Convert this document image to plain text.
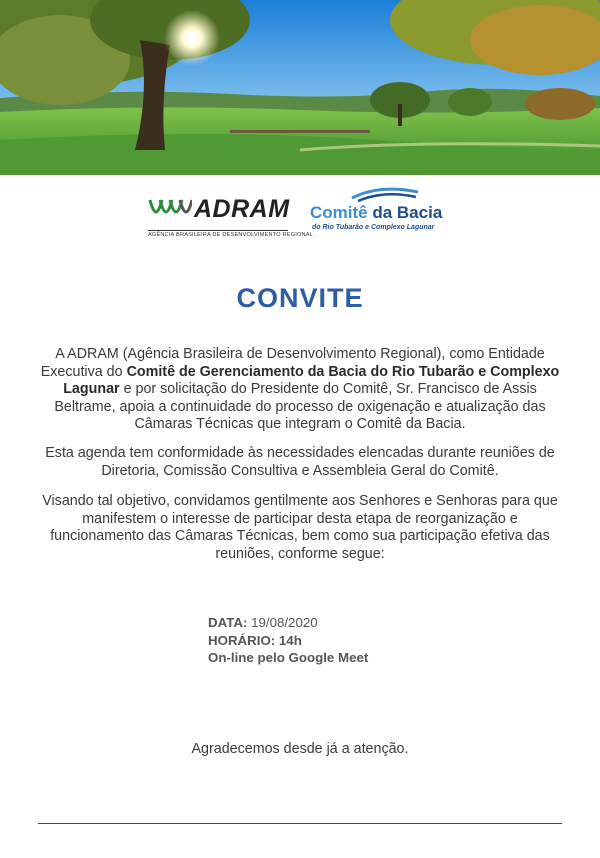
ADRAM
AGÊNCIA BRASILEIRA DE DESENVOLVIMENTO REGIONAL
Comitê da Bacia
do Rio Tubarão e Complexo Lagunar
CONVITE

A ADRAM (Agência Brasileira de Desenvolvimento Regional), como Entidade Executiva do Comitê de Gerenciamento da Bacia do Rio Tubarão e Complexo Lagunar e por solicitação do Presidente do Comitê, Sr. Francisco de Assis Beltrame, apoia a continuidade do processo de oxigenação e atualização das Câmaras Técnicas que integram o Comitê da Bacia.

Esta agenda tem conformidade às necessidades elencadas durante reuniões de Diretoria, Comissão Consultiva e Assembleia Geral do Comitê.

Visando tal objetivo, convidamos gentilmente aos Senhores e Senhoras para que manifestem o interesse de participar desta etapa de reorganização e funcionamento das Câmaras Técnicas, bem como sua participação efetiva das reuniões, conforme segue:

DATA: 19/08/2020
HORÁRIO: 14h
On-line pelo Google Meet
Agradecemos desde já a atenção.
